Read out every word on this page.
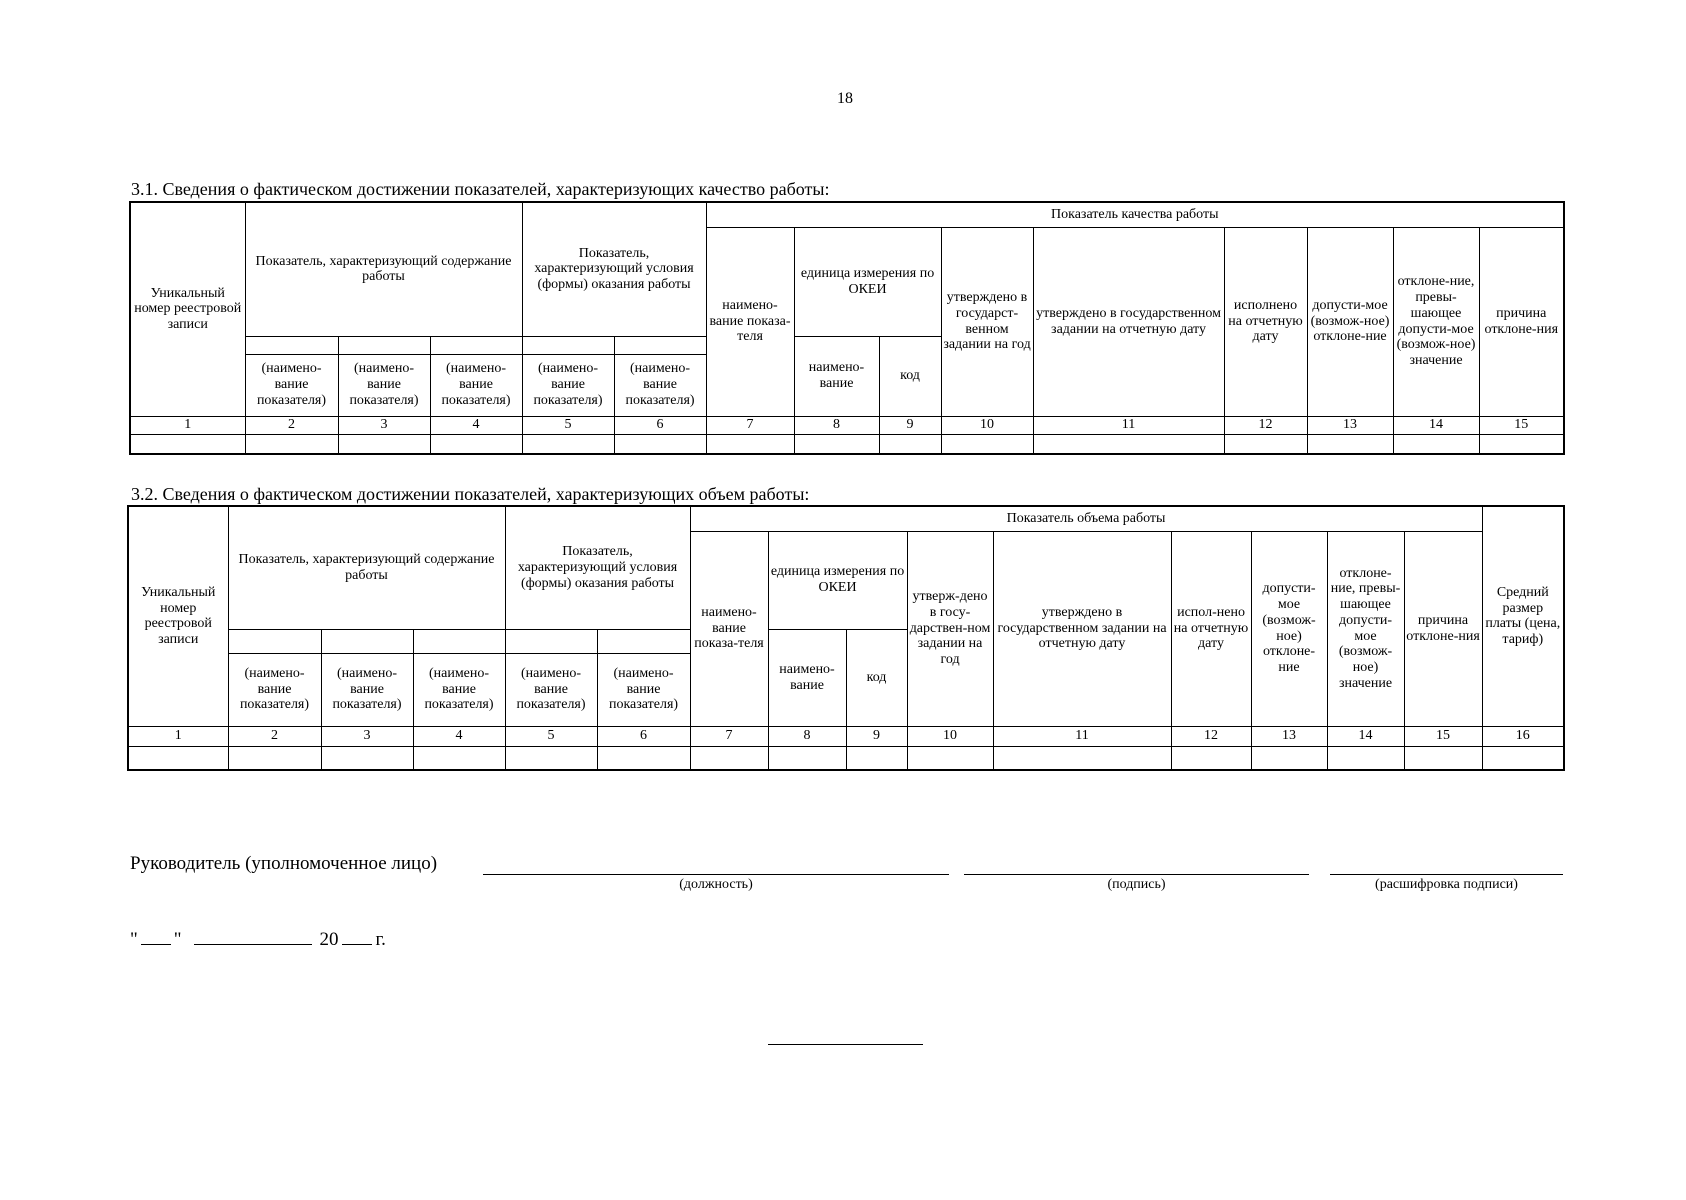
18
3.1. Сведения о фактическом достижении показателей, характеризующих качество работы:
Уникальный номер реестровой записи	Показатель, характеризующий содержание работы			Показатель, характеризующий условия (формы) оказания работы		Показатель качества работы								
						наимено-вание показа-теля	единица измерения по ОКЕИ		утверждено в государст-венном задании на год	утверждено в государственном задании на отчетную дату	исполнено на отчетную дату	допусти-мое (возмож-ное) отклоне-ние	отклоне-ние, превы-шающее допусти-мое (возмож-ное) значение	причина отклоне-ния
							наимено-вание	код						
	(наимено-вание показателя)	(наимено-вание показателя)	(наимено-вание показателя)	(наимено-вание показателя)	(наимено-вание показателя)									
1	2	3	4	5	6	7	8	9	10	11	12	13	14	15

3.2. Сведения о фактическом достижении показателей, характеризующих объем работы:
Уникальный номер реестровой записи	Показатель, характеризующий содержание работы			Показатель, характеризующий условия (формы) оказания работы		Показатель объема работы									Средний размер платы (цена, тариф)
						наимено-вание показа-теля	единица измерения по ОКЕИ		утверж-дено в госу-дарствен-ном задании на год	утверждено в государственном задании на отчетную дату	испол-нено на отчетную дату	допусти-мое (возмож-ное) отклоне-ние	отклоне-ние, превы-шающее допусти-мое (возмож-ное) значение	причина отклоне-ния	
							наимено-вание	код							
	(наимено-вание показателя)	(наимено-вание показателя)	(наимено-вание показателя)	(наимено-вание показателя)	(наимено-вание показателя)										
1	2	3	4	5	6	7	8	9	10	11	12	13	14	15	16

Руководитель (уполномоченное лицо)
(должность)	(подпись)	(расшифровка подписи)
" "	20 г.
